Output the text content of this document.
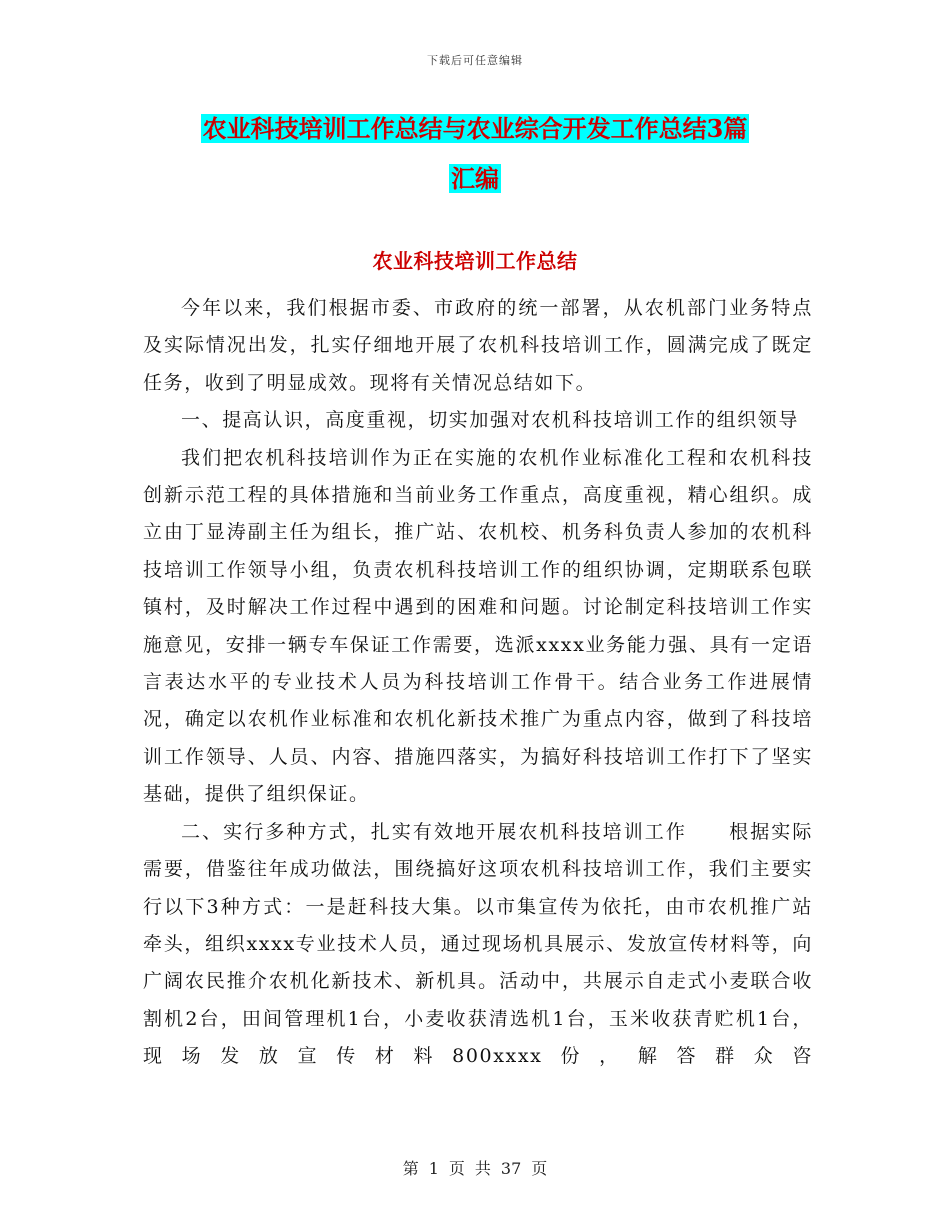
下载后可任意编辑
农业科技培训工作总结与农业综合开发工作总结3篇
汇编
农业科技培训工作总结

今年以来，我们根据市委、市政府的统一部署，从农机部门业务特点及实际情况出发，扎实仔细地开展了农机科技培训工作，圆满完成了既定任务，收到了明显成效。现将有关情况总结如下。

一、提高认识，高度重视，切实加强对农机科技培训工作的组织领导

我们把农机科技培训作为正在实施的农机作业标准化工程和农机科技创新示范工程的具体措施和当前业务工作重点，高度重视，精心组织。成立由丁显涛副主任为组长，推广站、农机校、机务科负责人参加的农机科技培训工作领导小组，负责农机科技培训工作的组织协调，定期联系包联镇村，及时解决工作过程中遇到的困难和问题。讨论制定科技培训工作实施意见，安排一辆专车保证工作需要，选派xxxx业务能力强、具有一定语言表达水平的专业技术人员为科技培训工作骨干。结合业务工作进展情况，确定以农机作业标准和农机化新技术推广为重点内容，做到了科技培训工作领导、人员、内容、措施四落实，为搞好科技培训工作打下了坚实基础，提供了组织保证。

二、实行多种方式，扎实有效地开展农机科技培训工作　　根据实际需要，借鉴往年成功做法，围绕搞好这项农机科技培训工作，我们主要实行以下3种方式：一是赶科技大集。以市集宣传为依托，由市农机推广站牵头，组织xxxx专业技术人员，通过现场机具展示、发放宣传材料等，向广阔农民推介农机化新技术、新机具。活动中，共展示自走式小麦联合收割机2台，田间管理机1台，小麦收获清选机1台，玉米收获青贮机1台，现场发放宣传材料800xxxx份，解答群众咨

第 1 页 共 37 页
